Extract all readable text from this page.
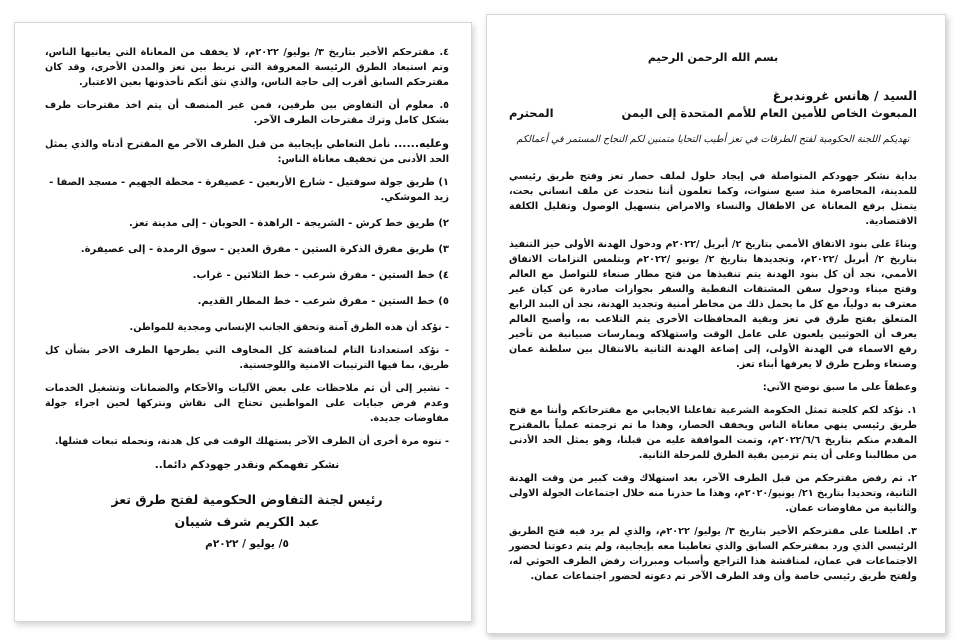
٤. مقترحكم الأخير بتاريخ ٣/ يوليو/ ٢٠٢٢م، لا يخفف من المعاناة التي يعانيها الناس، وتم استبعاد الطرق الرئيسة المعروفة التي تربط بين تعز والمدن الأخرى، وقد كان مقترحكم السابق أقرب إلى حاجة الناس، والذي نثق أنكم تأخذونها بعين الاعتبار.

٥. معلوم أن التفاوض بين طرفين، فمن غير المنصف أن يتم اخذ مقترحات طرف بشكل كامل وترك مقترحات الطرف الآخر.

وعليه...... نأمل التعاطي بإيجابية من قبل الطرف الآخر مع المقترح أدناه والذي يمثل الحد الأدنى من تخفيف معاناة الناس:

١) طريق جولة سوفتيل - شارع الأربعين - عصيفرة - محطة الجهيم - مسجد الصفا - زيد الموشكي.

٢) طريق خط كرش - الشريجة - الراهدة - الحوبان - إلى مدينة تعز.

٣) طريق مفرق الذكرة الستين - مفرق العدين - سوق الرمدة - إلى عصيفرة.

٤) خط الستين - مفرق شرعب - خط الثلاثين - غراب.

٥) خط الستين - مفرق شرعب - خط المطار القديم.

- نؤكد أن هذه الطرق آمنة وتحقق الجانب الإنساني ومجدية للمواطن.

- نؤكد استعدادنا التام لمناقشة كل المخاوف التي يطرحها الطرف الاخر بشأن كل طريق، بما فيها الترتيبات الامنية واللوجستية.

- نشير إلى أن ثم ملاحظات على بعض الآليات والأحكام والضمانات وتشغيل الخدمات وعدم فرض جبايات على المواطنين تحتاج الى نقاش ونتركها لحين اجراء جولة مفاوضات جديدة.

- ننوه مرة أخرى أن الطرف الآخر يستهلك الوقت في كل هدنة، ونحمله تبعات فشلها.

نشكر تفهمكم ونقدر جهودكم دائما..

رئيس لجنة التفاوض الحكومية لفتح طرق تعز
عبد الكريم شرف شيبان
٥/ يوليو / ٢٠٢٢م

بسم الله الرحمن الرحيم

السيد / هانس غروندبرغ

المبعوث الخاص للأمين العام للأمم المتحدة إلى اليمن
المحترم

تهديكم اللجنة الحكومية لفتح الطرقات في تعز أطيب التحايا متمنين لكم النجاح المستمر في أعمالكم

بداية نشكر جهودكم المتواصلة في إيجاد حلول لملف حصار تعز وفتح طريق رئيسي للمدينة، المحاصرة منذ سبع سنوات، وكما تعلمون أننا نتحدث عن ملف انساني بحت، يتمثل برفع المعاناة عن الاطفال والنساء والامراض بتسهيل الوصول وتقليل الكلفة الاقتصادية.

وبناءً على بنود الاتفاق الأممي بتاريخ ٢/ أبريل /٢٠٢٢م ودخول الهدنة الأولى حيز التنفيذ بتاريخ ٢/ أبريل /٢٠٢٢م، وتجديدها بتاريخ ٢/ يونيو /٢٠٢٢م وبتلمس التزامات الاتفاق الأممي، نجد أن كل بنود الهدنة يتم تنفيذها من فتح مطار صنعاء للتواصل مع العالم وفتح ميناء ودخول سفن المشتقات النفطية والسفر بجوازات صادرة عن كيان غير معترف به دولياً، مع كل ما يحمل ذلك من مخاطر أمنية وتجديد الهدنة، نجد أن البند الرابع المتعلق بفتح طرق في تعز وبقية المحافظات الأخرى يتم التلاعب به، وأصبح العالم يعرف أن الحوثيين يلعبون على عامل الوقت واستهلاكه ويمارسات صبيانية من تأخير رفع الاسماء في الهدنة الأولى، إلى إضاعة الهدنة الثانية بالانتقال بين سلطنة عمان وصنعاء وطرح طرق لا يعرفها أبناء تعز.

وعطفاً على ما سبق نوضح الآتي:

١. نؤكد لكم كلجنة تمثل الحكومة الشرعية تفاعلنا الايجابي مع مقترحاتكم وأننا مع فتح طريق رئيسي ينهي معاناة الناس ويخفف الحصار، وهذا ما تم ترجمته عملياً بالمقترح المقدم منكم بتاريخ ٢٠٢٢/٦/٦م، وتمت الموافقة عليه من قبلنا، وهو يمثل الحد الأدنى من مطالبنا وعلى أن يتم تزمين بقية الطرق للمرحلة الثانية.

٢. تم رفض مقترحكم من قبل الطرف الآخر، بعد استهلاك وقت كبير من وقت الهدنة الثانية، وتحديدا بتاريخ ٢١/ يونيو/٢٠٢٠م، وهذا ما حذرنا منه خلال اجتماعات الجولة الاولى والثانية من مفاوضات عمان.

٣. اطلعنا على مقترحكم الأخير بتاريخ ٣/ يوليو/ ٢٠٢٢م، والذي لم يرد فيه فتح الطريق الرئيسي الذي ورد بمقترحكم السابق والذي تعاطينا معه بإيجابية، ولم يتم دعوتنا لحضور الاجتماعات في عمان، لمناقشة هذا التراجع وأسباب ومبررات رفض الطرف الحوثي له، ولفتح طريق رئيسي خاصة وأن وفد الطرف الآخر تم دعوته لحضور اجتماعات عمان.
